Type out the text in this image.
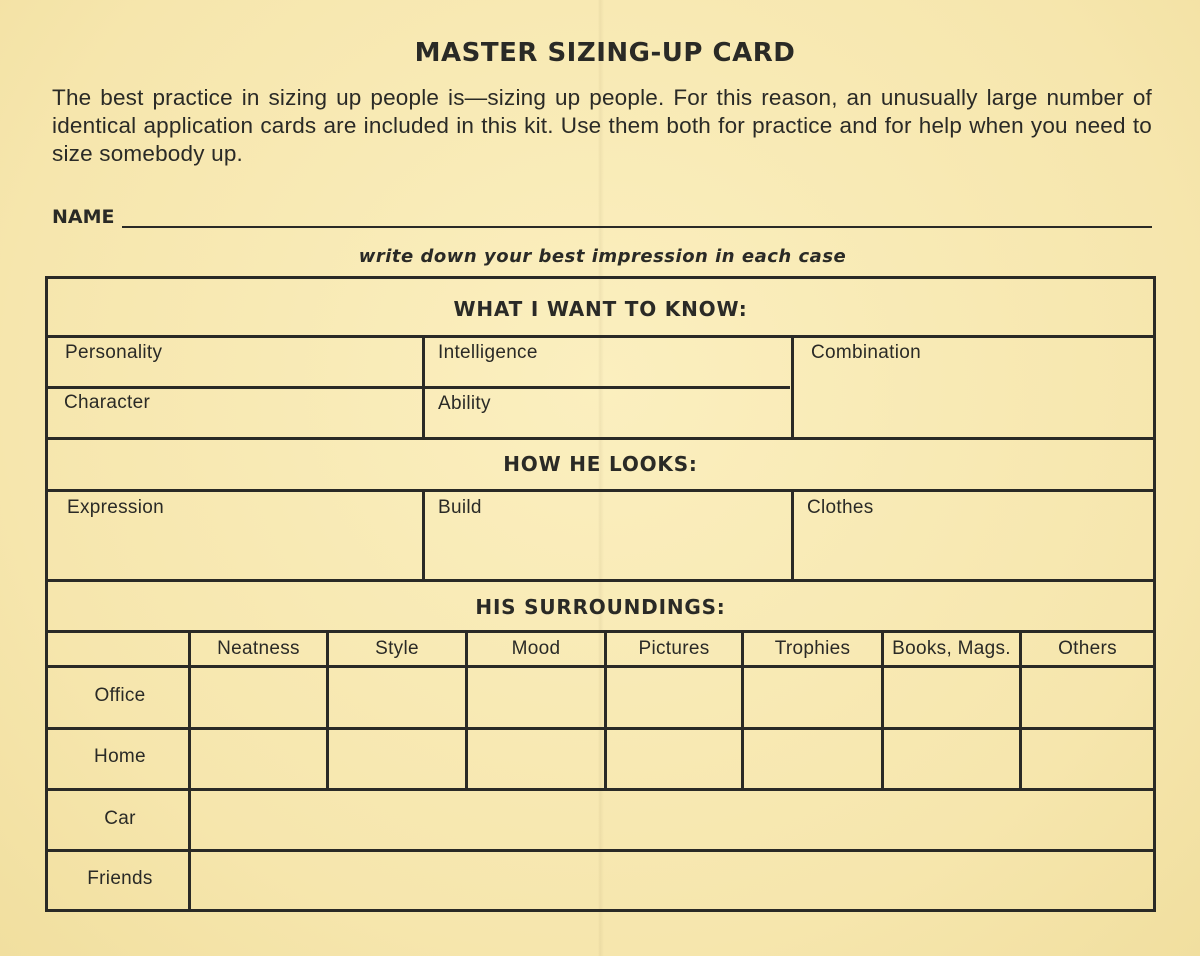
MASTER SIZING-UP CARD
The best practice in sizing up people is—sizing up people. For this reason, an unusually large number of identical application cards are included in this kit. Use them both for practice and for help when you need to size somebody up.
NAME
write down your best impression in each case
WHAT I WANT TO KNOW:
Personality	Intelligence	Combination
Character	Ability
HOW HE LOOKS:
Expression	Build	Clothes
HIS SURROUNDINGS:
Neatness	Style	Mood	Pictures	Trophies	Books, Mags.	Others
Office
Home
Car
Friends
